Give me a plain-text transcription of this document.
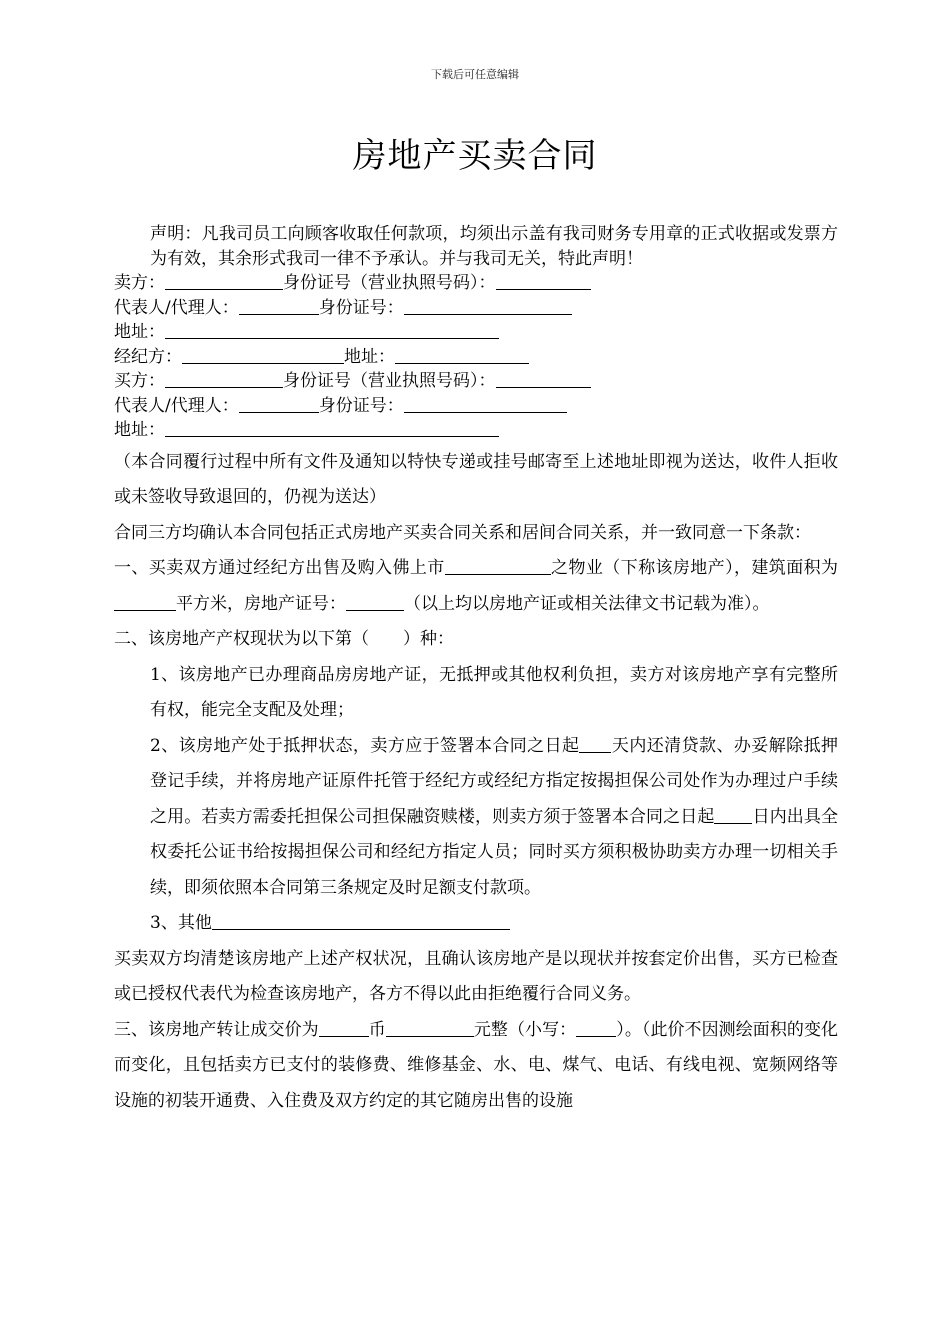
下载后可任意编辑
房地产买卖合同

声明：凡我司员工向顾客收取任何款项，均须出示盖有我司财务专用章的正式收据或发票方为有效，其余形式我司一律不予承认。并与我司无关，特此声明！

卖方：	身份证号（营业执照号码）：

代表人/代理人：	身份证号：

地址：

经纪方：	地址：

买方：	身份证号（营业执照号码）：

代表人/代理人：	身份证号：

地址：

（本合同覆行过程中所有文件及通知以特快专递或挂号邮寄至上述地址即视为送达，收件人拒收或未签收导致退回的，仍视为送达）

合同三方均确认本合同包括正式房地产买卖合同关系和居间合同关系，并一致同意一下条款：

一、买卖双方通过经纪方出售及购入佛上市	之物业（下称该房地产），建筑面积为平方米，房地产证号：	（以上均以房地产证或相关法律文书记载为准）。

二、该房地产产权现状为以下第（　　）种：

1、该房地产已办理商品房房地产证，无抵押或其他权利负担，卖方对该房地产享有完整所有权，能完全支配及处理；

2、该房地产处于抵押状态，卖方应于签署本合同之日起 天内还清贷款、办妥解除抵押登记手续，并将房地产证原件托管于经纪方或经纪方指定按揭担保公司处作为办理过户手续之用。若卖方需委托担保公司担保融资赎楼，则卖方须于签署本合同之日起 日内出具全权委托公证书给按揭担保公司和经纪方指定人员；同时买方须积极协助卖方办理一切相关手续，即须依照本合同第三条规定及时足额支付款项。

3、其他

买卖双方均清楚该房地产上述产权状况，且确认该房地产是以现状并按套定价出售，买方已检查或已授权代表代为检查该房地产，各方不得以此由拒绝覆行合同义务。

三、该房地产转让成交价为	币	元整（小写： ）。（此价不因测绘面积的变化而变化，且包括卖方已支付的装修费、维修基金、水、电、煤气、电话、有线电视、宽频网络等设施的初装开通费、入住费及双方约定的其它随房出售的设施
